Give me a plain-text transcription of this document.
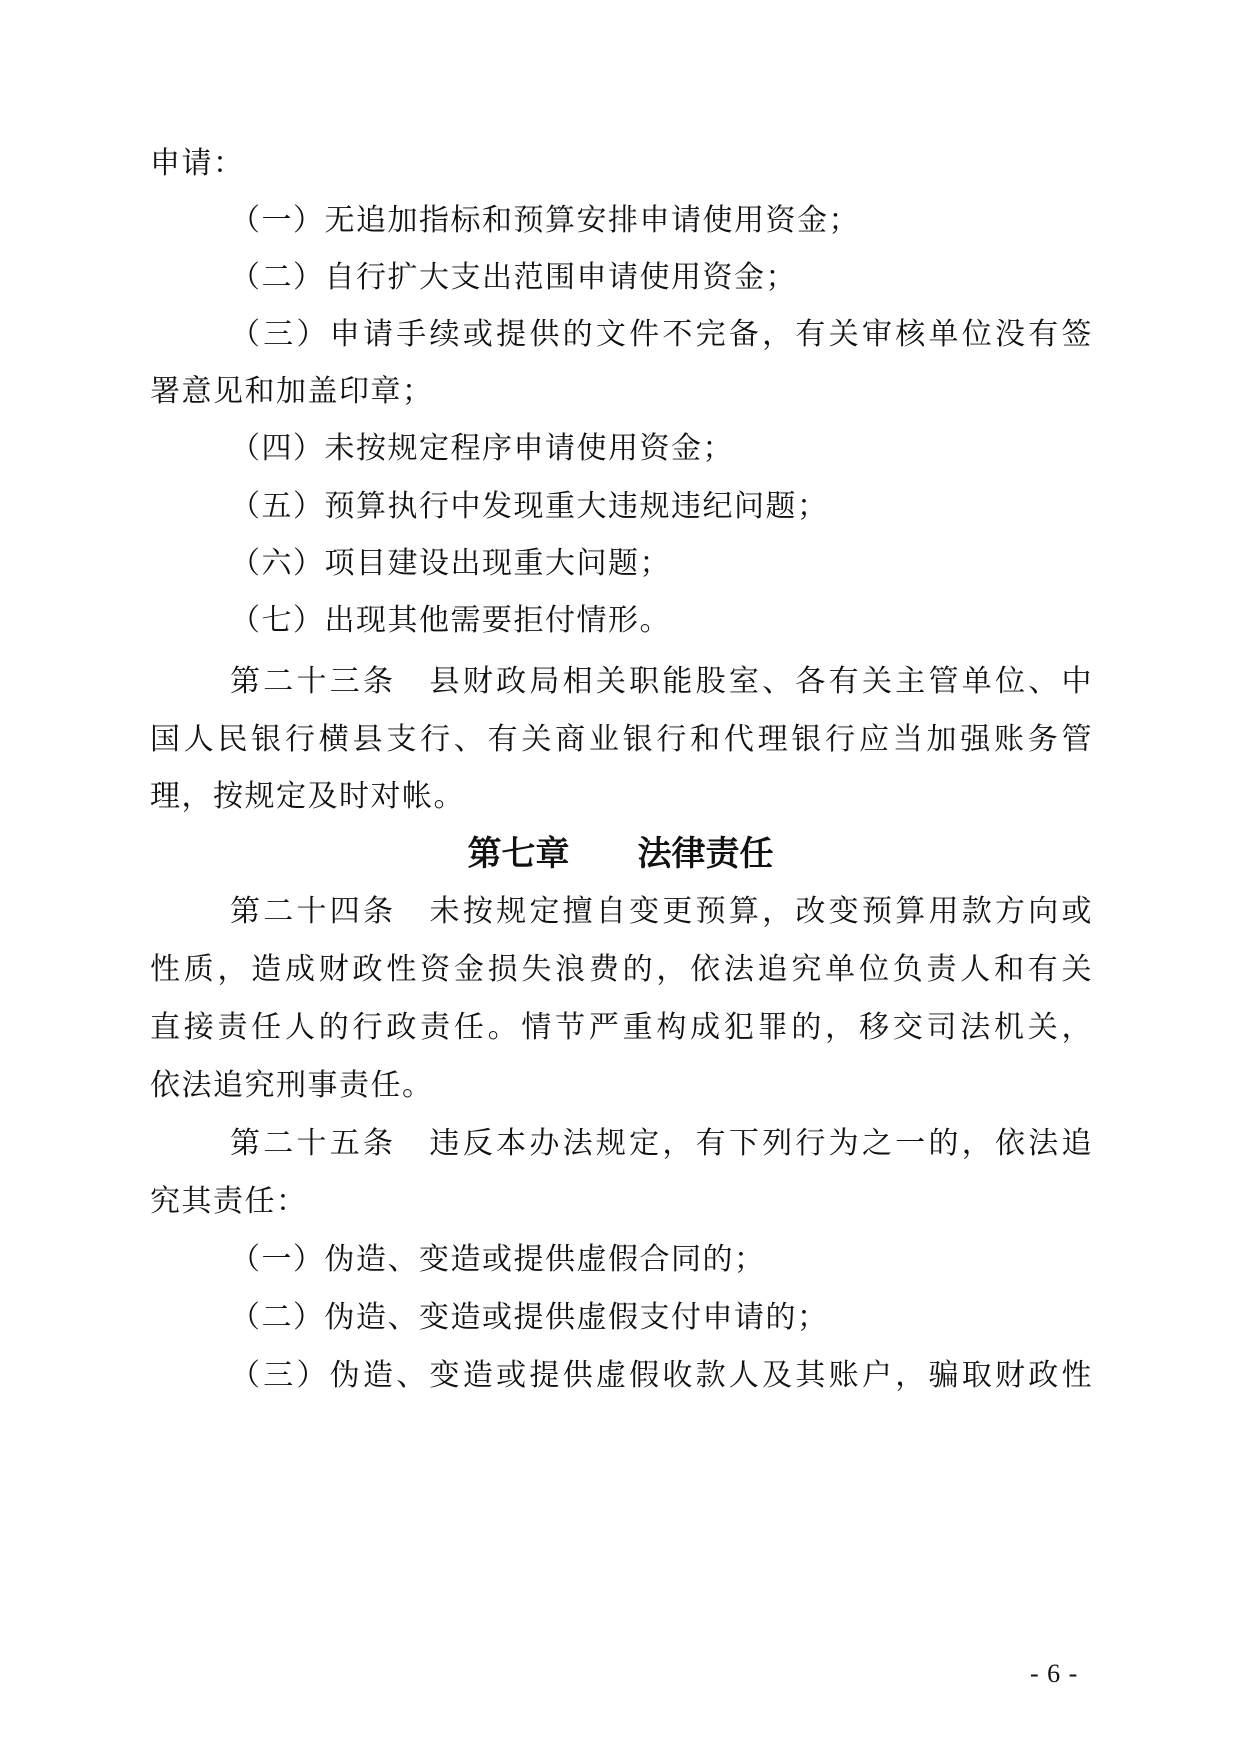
申请：
（一）无追加指标和预算安排申请使用资金；
（二）自行扩大支出范围申请使用资金；
（三）申请手续或提供的文件不完备，有关审核单位没有签
署意见和加盖印章；
（四）未按规定程序申请使用资金；
（五）预算执行中发现重大违规违纪问题；
（六）项目建设出现重大问题；
（七）出现其他需要拒付情形。
第二十三条　县财政局相关职能股室、各有关主管单位、中
国人民银行横县支行、有关商业银行和代理银行应当加强账务管
理，按规定及时对帐。
第七章　　法律责任
第二十四条　未按规定擅自变更预算，改变预算用款方向或
性质，造成财政性资金损失浪费的，依法追究单位负责人和有关
直接责任人的行政责任。情节严重构成犯罪的，移交司法机关，
依法追究刑事责任。
第二十五条　违反本办法规定，有下列行为之一的，依法追
究其责任：
（一）伪造、变造或提供虚假合同的；
（二）伪造、变造或提供虚假支付申请的；
（三）伪造、变造或提供虚假收款人及其账户，骗取财政性
- 6 -
